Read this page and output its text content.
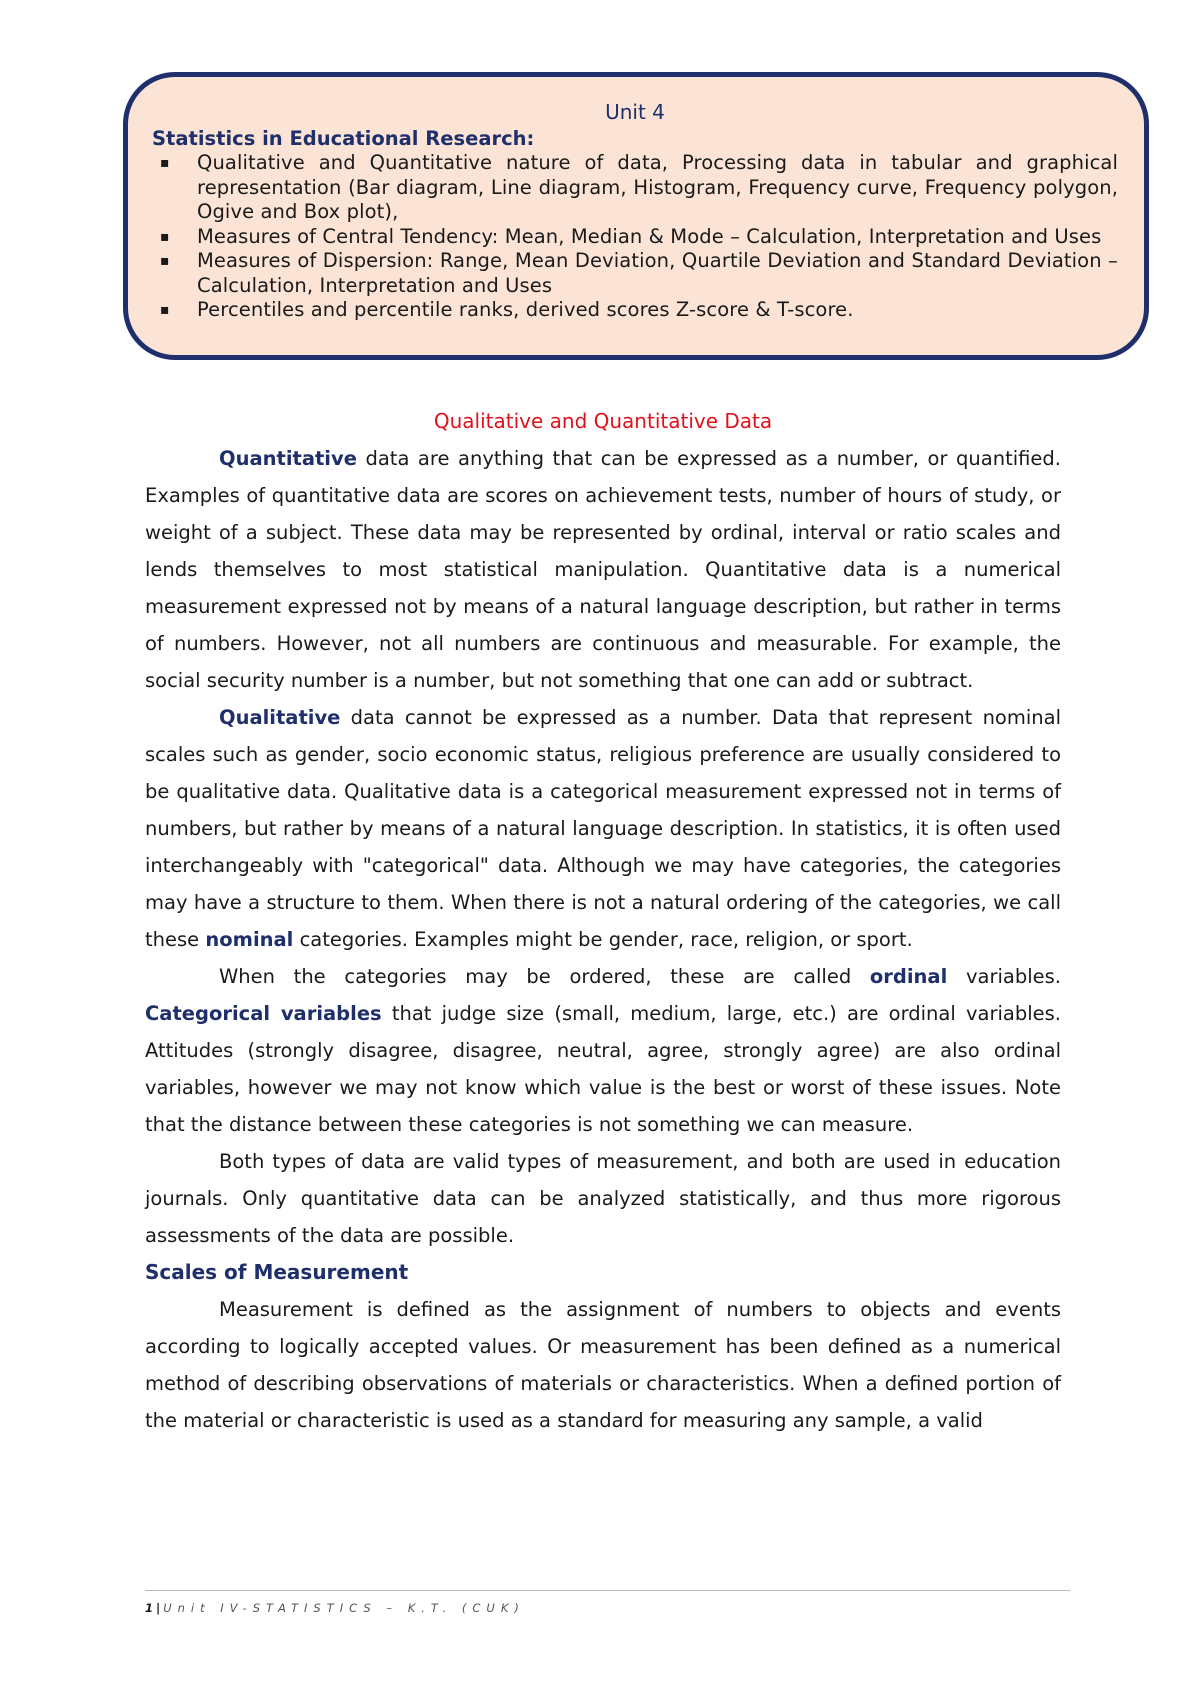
Unit 4
Statistics in Educational Research:
▪ Qualitative and Quantitative nature of data, Processing data in tabular and graphical representation (Bar diagram, Line diagram, Histogram, Frequency curve, Frequency polygon, Ogive and Box plot),
▪ Measures of Central Tendency: Mean, Median & Mode – Calculation, Interpretation and Uses
▪ Measures of Dispersion: Range, Mean Deviation, Quartile Deviation and Standard Deviation – Calculation, Interpretation and Uses
▪ Percentiles and percentile ranks, derived scores Z-score & T-score.
Qualitative and Quantitative Data

Quantitative data are anything that can be expressed as a number, or quantified. Examples of quantitative data are scores on achievement tests, number of hours of study, or weight of a subject. These data may be represented by ordinal, interval or ratio scales and lends themselves to most statistical manipulation. Quantitative data is a numerical measurement expressed not by means of a natural language description, but rather in terms of numbers. However, not all numbers are continuous and measurable. For example, the social security number is a number, but not something that one can add or subtract.

Qualitative data cannot be expressed as a number. Data that represent nominal scales such as gender, socio economic status, religious preference are usually considered to be qualitative data. Qualitative data is a categorical measurement expressed not in terms of numbers, but rather by means of a natural language description. In statistics, it is often used interchangeably with "categorical" data. Although we may have categories, the categories may have a structure to them. When there is not a natural ordering of the categories, we call these nominal categories. Examples might be gender, race, religion, or sport.

When the categories may be ordered, these are called ordinal variables. Categorical variables that judge size (small, medium, large, etc.) are ordinal variables. Attitudes (strongly disagree, disagree, neutral, agree, strongly agree) are also ordinal variables, however we may not know which value is the best or worst of these issues. Note that the distance between these categories is not something we can measure.

Both types of data are valid types of measurement, and both are used in education journals. Only quantitative data can be analyzed statistically, and thus more rigorous assessments of the data are possible.

Scales of Measurement

Measurement is defined as the assignment of numbers to objects and events according to logically accepted values. Or measurement has been defined as a numerical method of describing observations of materials or characteristics. When a defined portion of the material or characteristic is used as a standard for measuring any sample, a valid

1 | Unit IV-STATISTICS – K.T. (CUK)
